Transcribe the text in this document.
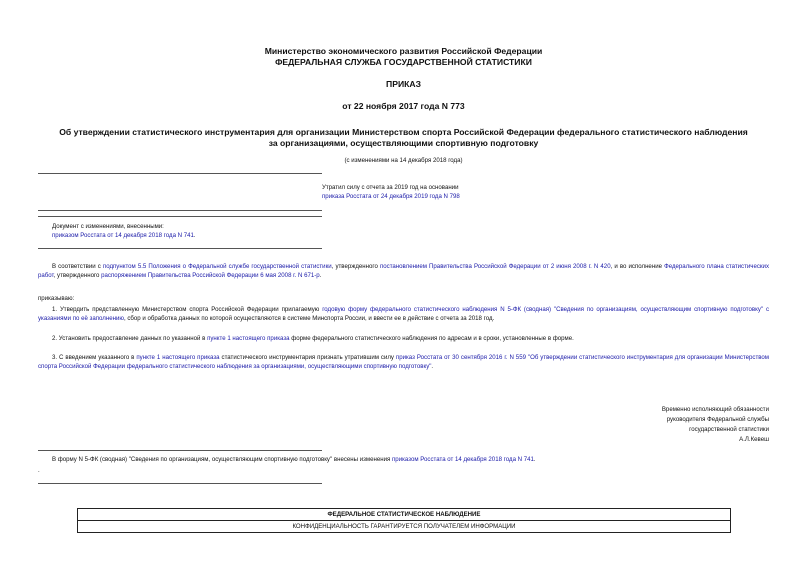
Министерство экономического развития Российской Федерации
ФЕДЕРАЛЬНАЯ СЛУЖБА ГОСУДАРСТВЕННОЙ СТАТИСТИКИ
ПРИКАЗ
от 22 ноября 2017 года N 773
Об утверждении статистического инструментария для организации Министерством спорта Российской Федерации федерального статистического наблюдения за организациями, осуществляющими спортивную подготовку
(с изменениями на 14 декабря 2018 года)
Утратил силу с отчета за 2019 год на основании
приказа Росстата от 24 декабря 2019 года N 798
Документ с изменениями, внесенными:
приказом Росстата от 14 декабря 2018 года N 741.
В соответствии с подпунктом 5.5 Положения о Федеральной службе государственной статистики, утвержденного постановлением Правительства Российской Федерации от 2 июня 2008 г. N 420, и во исполнение Федерального плана статистических работ, утвержденного распоряжением Правительства Российской Федерации 6 мая 2008 г. N 671-р.
приказываю:
1. Утвердить представленную Министерством спорта Российской Федерации прилагаемую годовую форму федерального статистического наблюдения N 5-ФК (сводная) "Сведения по организациям, осуществляющим спортивную подготовку" с указаниями по её заполнению, сбор и обработка данных по которой осуществляются в системе Минспорта России, и ввести ее в действие с отчета за 2018 год.
2. Установить предоставление данных по указанной в пункте 1 настоящего приказа форме федерального статистического наблюдения по адресам и в сроки, установленные в форме.
3. С введением указанного в пункте 1 настоящего приказа статистического инструментария признать утратившим силу приказ Росстата от 30 сентября 2016 г. N 559 "Об утверждении статистического инструментария для организации Министерством спорта Российской Федерации федерального статистического наблюдения за организациями, осуществляющими спортивную подготовку".
Временно исполняющий обязанности
руководителя Федеральной службы
государственной статистики
А.Л.Кевеш
В форму N 5-ФК (сводная) "Сведения по организациям, осуществляющим спортивную подготовку" внесены изменения приказом Росстата от 14 декабря 2018 года N 741.
.
ФЕДЕРАЛЬНОЕ СТАТИСТИЧЕСКОЕ НАБЛЮДЕНИЕ
КОНФИДЕНЦИАЛЬНОСТЬ ГАРАНТИРУЕТСЯ ПОЛУЧАТЕЛЕМ ИНФОРМАЦИИ
